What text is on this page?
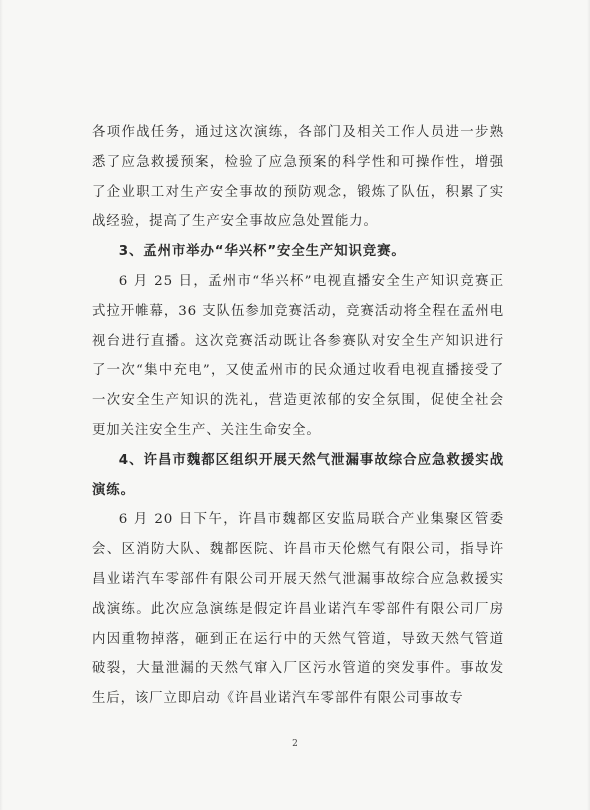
各项作战任务，通过这次演练，各部门及相关工作人员进一步熟悉了应急救援预案，检验了应急预案的科学性和可操作性，增强了企业职工对生产安全事故的预防观念，锻炼了队伍，积累了实战经验，提高了生产安全事故应急处置能力。

3、孟州市举办“华兴杯”安全生产知识竞赛。

6 月 25 日，孟州市“华兴杯”电视直播安全生产知识竞赛正式拉开帷幕，36 支队伍参加竞赛活动，竞赛活动将全程在孟州电视台进行直播。这次竞赛活动既让各参赛队对安全生产知识进行了一次“集中充电”，又使孟州市的民众通过收看电视直播接受了一次安全生产知识的洗礼，营造更浓郁的安全氛围，促使全社会更加关注安全生产、关注生命安全。

4、许昌市魏都区组织开展天然气泄漏事故综合应急救援实战演练。

6 月 20 日下午，许昌市魏都区安监局联合产业集聚区管委会、区消防大队、魏都医院、许昌市天伦燃气有限公司，指导许昌业诺汽车零部件有限公司开展天然气泄漏事故综合应急救援实战演练。此次应急演练是假定许昌业诺汽车零部件有限公司厂房内因重物掉落，砸到正在运行中的天然气管道，导致天然气管道破裂，大量泄漏的天然气窜入厂区污水管道的突发事件。事故发生后，该厂立即启动《许昌业诺汽车零部件有限公司事故专

2
